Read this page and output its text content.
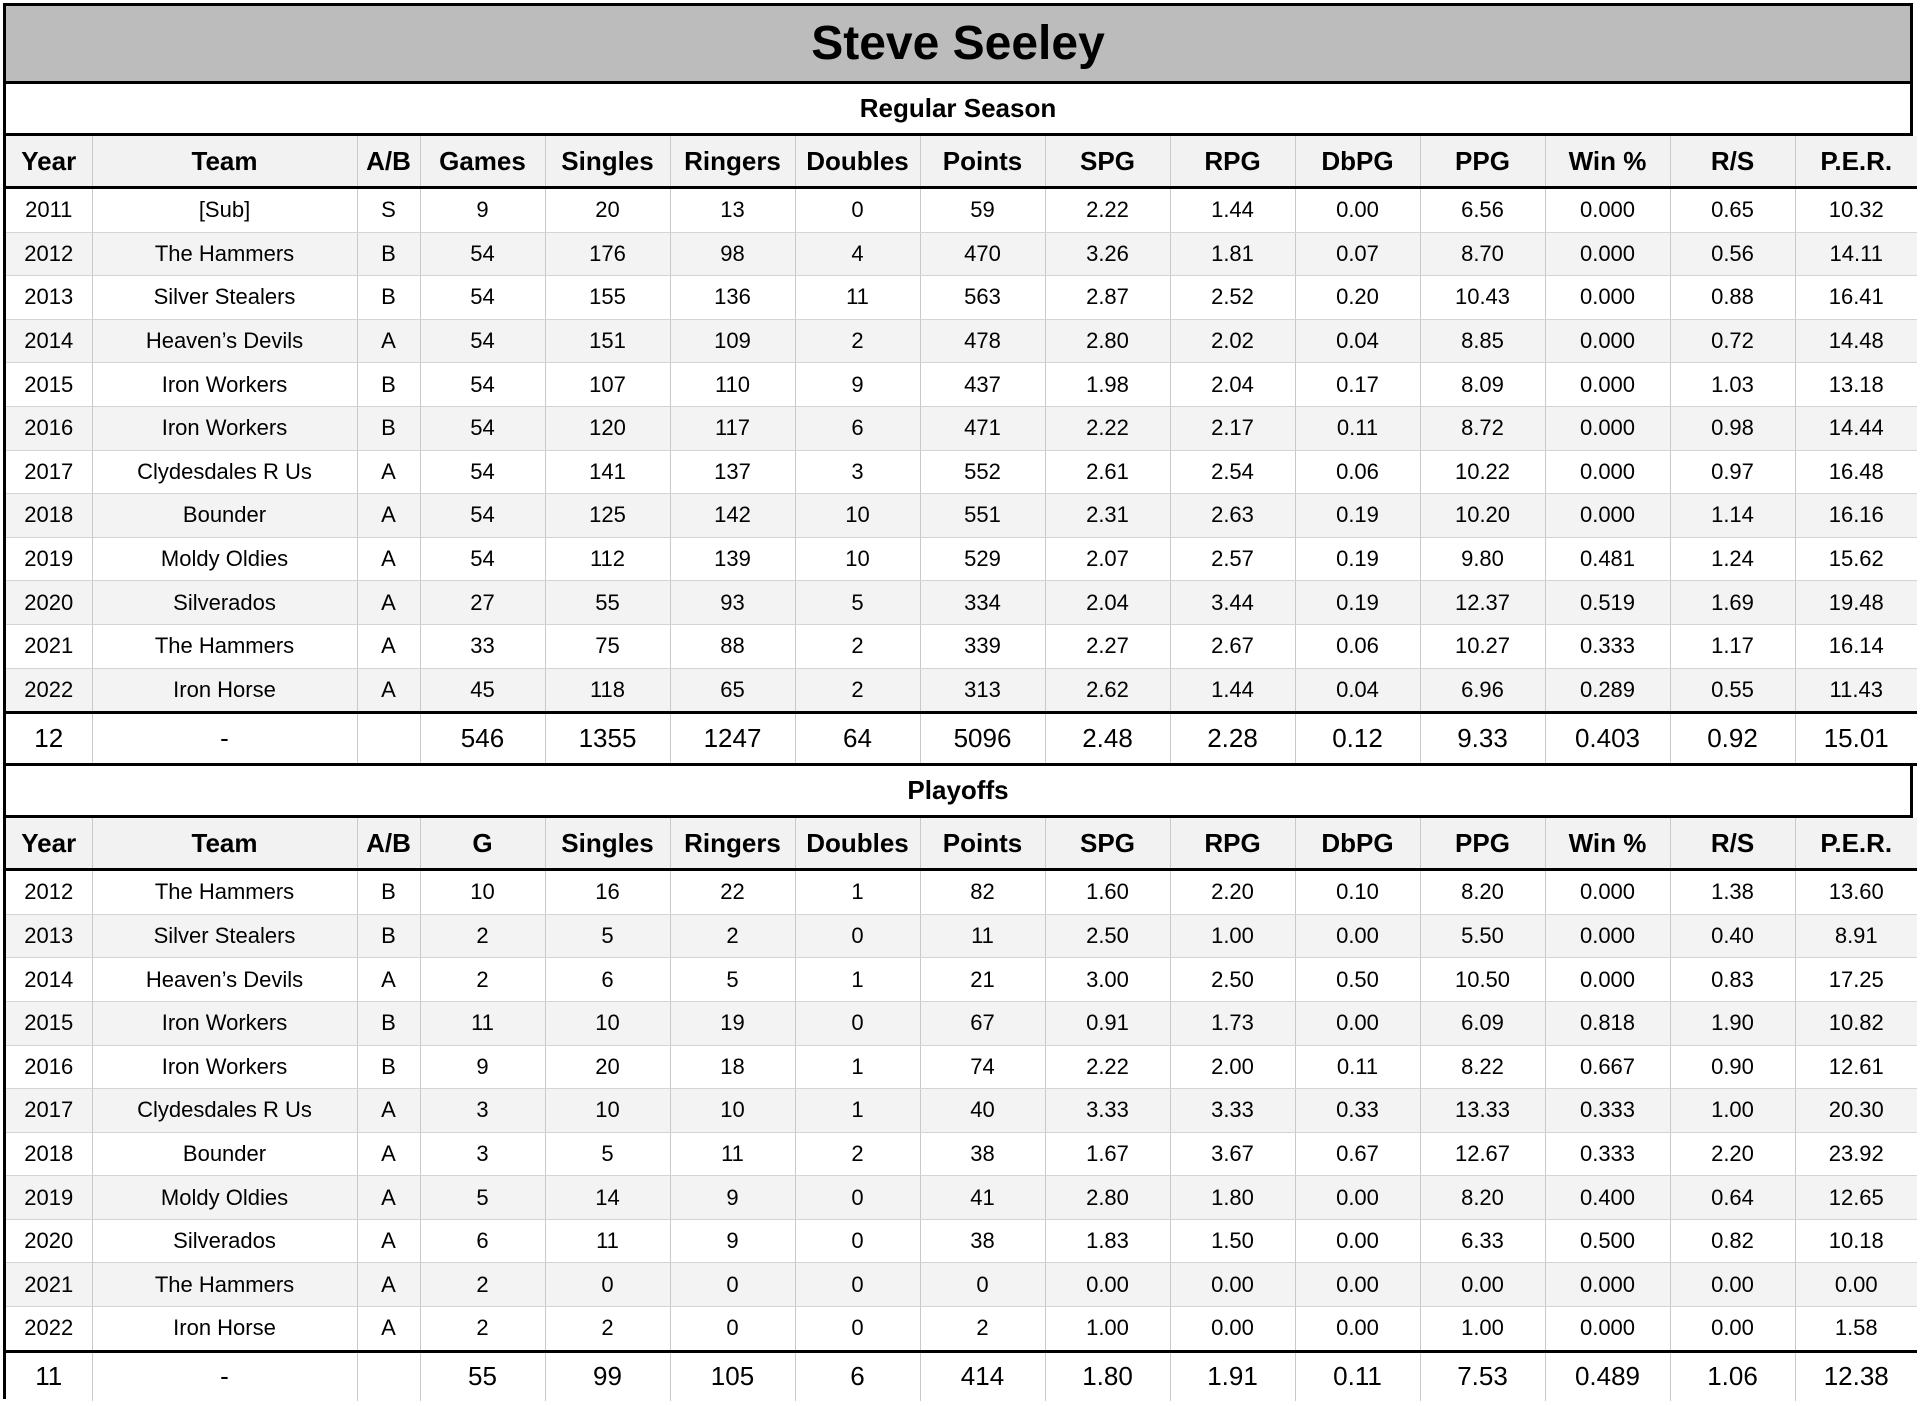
Steve Seeley
Regular Season
Year	Team	A/B	Games	Singles	Ringers	Doubles	Points	SPG	RPG	DbPG	PPG	Win %	R/S	P.E.R.
2011	[Sub]	S	9	20	13	0	59	2.22	1.44	0.00	6.56	0.000	0.65	10.32
2012	The Hammers	B	54	176	98	4	470	3.26	1.81	0.07	8.70	0.000	0.56	14.11
2013	Silver Stealers	B	54	155	136	11	563	2.87	2.52	0.20	10.43	0.000	0.88	16.41
2014	Heaven’s Devils	A	54	151	109	2	478	2.80	2.02	0.04	8.85	0.000	0.72	14.48
2015	Iron Workers	B	54	107	110	9	437	1.98	2.04	0.17	8.09	0.000	1.03	13.18
2016	Iron Workers	B	54	120	117	6	471	2.22	2.17	0.11	8.72	0.000	0.98	14.44
2017	Clydesdales R Us	A	54	141	137	3	552	2.61	2.54	0.06	10.22	0.000	0.97	16.48
2018	Bounder	A	54	125	142	10	551	2.31	2.63	0.19	10.20	0.000	1.14	16.16
2019	Moldy Oldies	A	54	112	139	10	529	2.07	2.57	0.19	9.80	0.481	1.24	15.62
2020	Silverados	A	27	55	93	5	334	2.04	3.44	0.19	12.37	0.519	1.69	19.48
2021	The Hammers	A	33	75	88	2	339	2.27	2.67	0.06	10.27	0.333	1.17	16.14
2022	Iron Horse	A	45	118	65	2	313	2.62	1.44	0.04	6.96	0.289	0.55	11.43
12	-		546	1355	1247	64	5096	2.48	2.28	0.12	9.33	0.403	0.92	15.01
Playoffs
Year	Team	A/B	G	Singles	Ringers	Doubles	Points	SPG	RPG	DbPG	PPG	Win %	R/S	P.E.R.
2012	The Hammers	B	10	16	22	1	82	1.60	2.20	0.10	8.20	0.000	1.38	13.60
2013	Silver Stealers	B	2	5	2	0	11	2.50	1.00	0.00	5.50	0.000	0.40	8.91
2014	Heaven’s Devils	A	2	6	5	1	21	3.00	2.50	0.50	10.50	0.000	0.83	17.25
2015	Iron Workers	B	11	10	19	0	67	0.91	1.73	0.00	6.09	0.818	1.90	10.82
2016	Iron Workers	B	9	20	18	1	74	2.22	2.00	0.11	8.22	0.667	0.90	12.61
2017	Clydesdales R Us	A	3	10	10	1	40	3.33	3.33	0.33	13.33	0.333	1.00	20.30
2018	Bounder	A	3	5	11	2	38	1.67	3.67	0.67	12.67	0.333	2.20	23.92
2019	Moldy Oldies	A	5	14	9	0	41	2.80	1.80	0.00	8.20	0.400	0.64	12.65
2020	Silverados	A	6	11	9	0	38	1.83	1.50	0.00	6.33	0.500	0.82	10.18
2021	The Hammers	A	2	0	0	0	0	0.00	0.00	0.00	0.00	0.000	0.00	0.00
2022	Iron Horse	A	2	2	0	0	2	1.00	0.00	0.00	1.00	0.000	0.00	1.58
11	-		55	99	105	6	414	1.80	1.91	0.11	7.53	0.489	1.06	12.38
